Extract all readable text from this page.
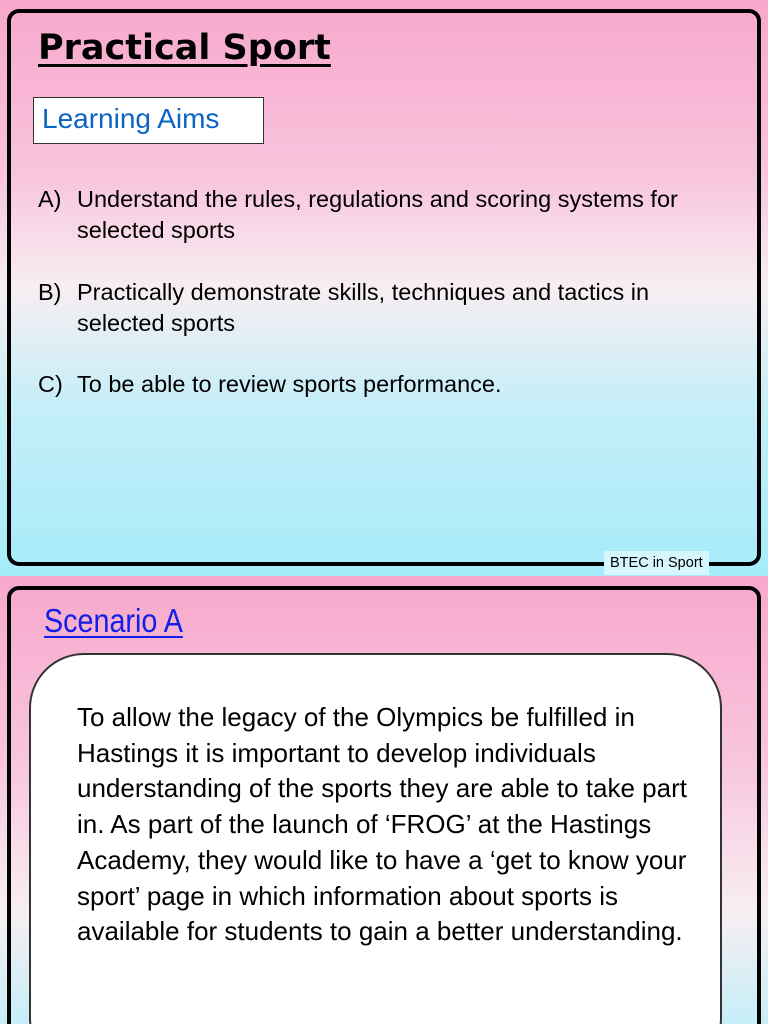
Practical Sport
Learning Aims
A) Understand the rules, regulations and scoring systems for selected sports
B) Practically demonstrate skills, techniques and tactics in selected sports
C) To be able to review sports performance.
BTEC in Sport
Scenario A

To allow the legacy of the Olympics be fulfilled in Hastings it is important to develop individuals understanding of the sports they are able to take part in. As part of the launch of ‘FROG’ at the Hastings Academy, they would like to have a ‘get to know your sport’ page in which information about sports is available for students to gain a better understanding.
